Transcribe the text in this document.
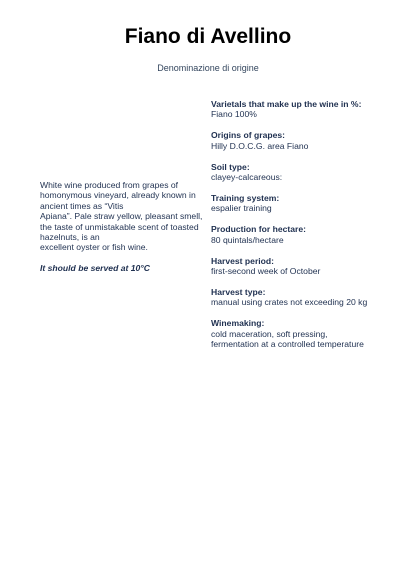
Fiano di Avellino
Denominazione di origine

White wine produced from grapes of
homonymous vineyard, already known in
ancient times as “Vitis
Apiana”. Pale straw yellow, pleasant smell,
the taste of unmistakable scent of toasted
hazelnuts, is an
excellent oyster or fish wine.

It should be served at 10°C

Varietals that make up the wine in %:
Fiano 100%
Origins of grapes:
Hilly D.O.C.G. area Fiano
Soil type:
clayey-calcareous:
Training system:
espalier training
Production for hectare:
80 quintals/hectare
Harvest period:
first-second week of October
Harvest type:
manual using crates not exceeding 20 kg
Winemaking:
cold maceration, soft pressing,
fermentation at a controlled temperature
